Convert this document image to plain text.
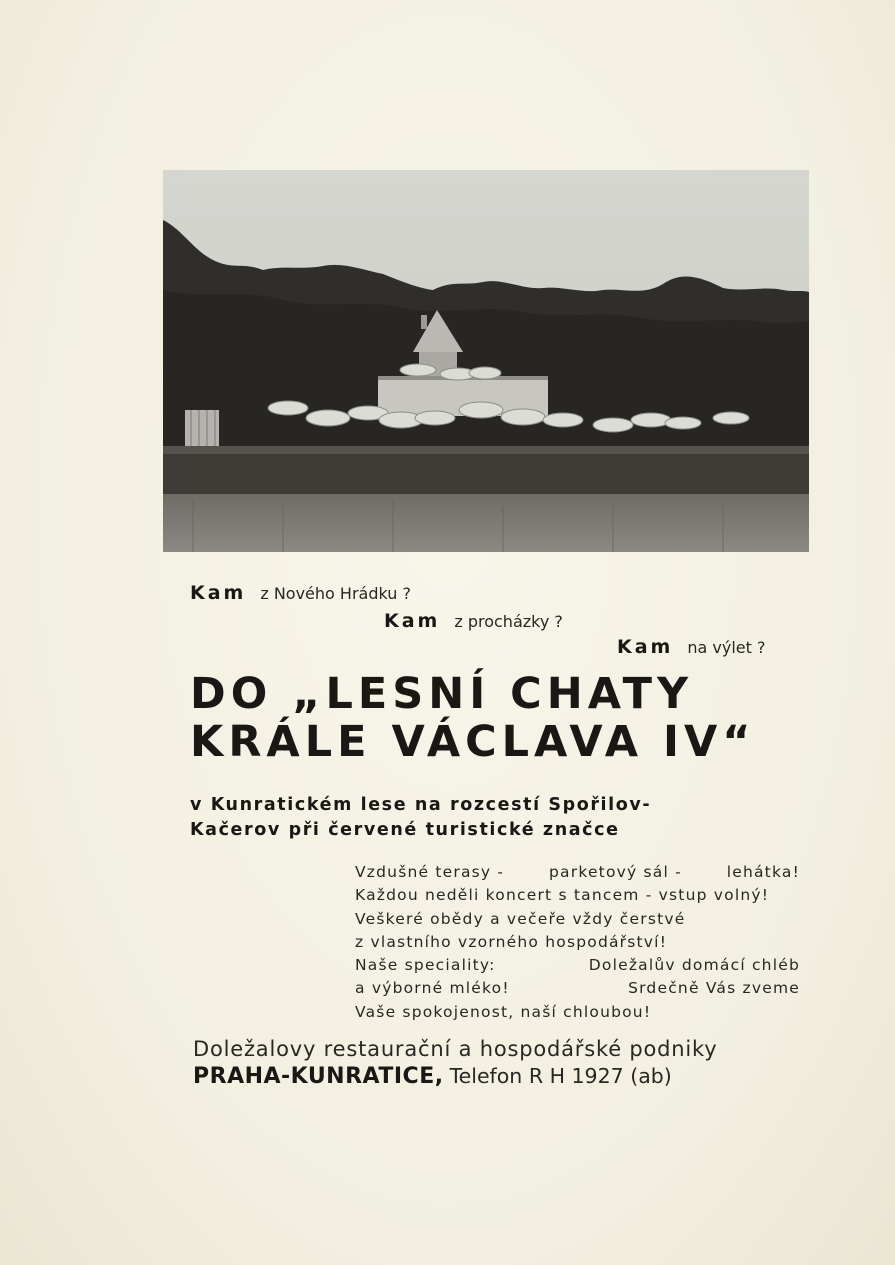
Kam z Nového Hrádku ?
Kam z procházky ?
Kam na výlet ?
DO „LESNÍ CHATY
KRÁLE VÁCLAVA IV“
v Kunratickém lese na rozcestí Spořilov-
Kačerov při červené turistické značce
Vzdušné terasy -	parketový sál -	lehátka!
Každou neděli koncert s tancem - vstup volný!
Veškeré obědy a večeře vždy čerstvé
z vlastního vzorného hospodářství!
Naše speciality:	Doležalův domácí chléb
a výborné mléko!	Srdečně Vás zveme
Vaše spokojenost, naší chloubou!
Doležalovy restaurační a hospodářské podniky
PRAHA-KUNRATICE, Telefon R H 1927 (ab)
